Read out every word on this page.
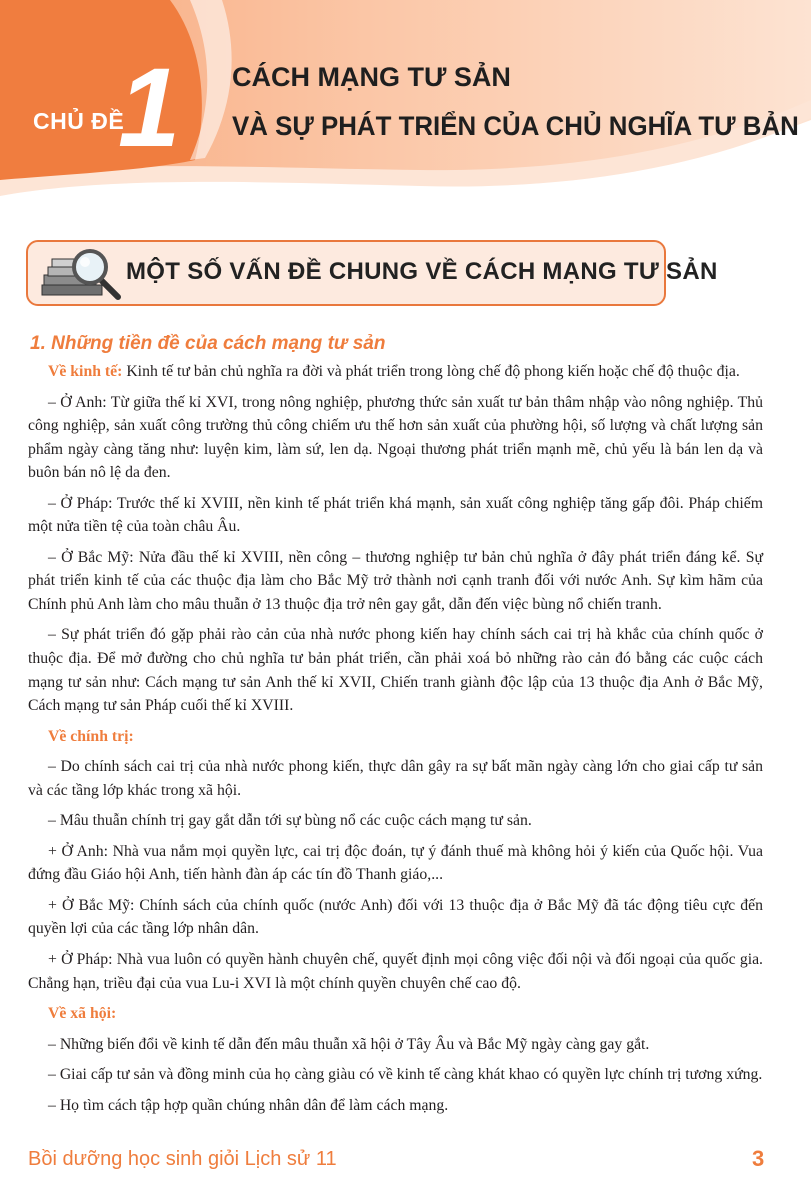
CHỦ ĐỀ
1 CÁCH MẠNG TƯ SẢN
VÀ SỰ PHÁT TRIỂN CỦA CHỦ NGHĨA TƯ BẢN
MỘT SỐ VẤN ĐỀ CHUNG VỀ CÁCH MẠNG TƯ SẢN
1. Những tiền đề của cách mạng tư sản

Về kinh tế: Kinh tế tư bản chủ nghĩa ra đời và phát triển trong lòng chế độ phong kiến hoặc chế độ thuộc địa.

– Ở Anh: Từ giữa thế kỉ XVI, trong nông nghiệp, phương thức sản xuất tư bản thâm nhập vào nông nghiệp. Thủ công nghiệp, sản xuất công trường thủ công chiếm ưu thế hơn sản xuất của phường hội, số lượng và chất lượng sản phẩm ngày càng tăng như: luyện kim, làm sứ, len dạ. Ngoại thương phát triển mạnh mẽ, chủ yếu là bán len dạ và buôn bán nô lệ da đen.

– Ở Pháp: Trước thế kỉ XVIII, nền kinh tế phát triển khá mạnh, sản xuất công nghiệp tăng gấp đôi. Pháp chiếm một nửa tiền tệ của toàn châu Âu.

– Ở Bắc Mỹ: Nửa đầu thế kỉ XVIII, nền công – thương nghiệp tư bản chủ nghĩa ở đây phát triển đáng kể. Sự phát triển kinh tế của các thuộc địa làm cho Bắc Mỹ trở thành nơi cạnh tranh đối với nước Anh. Sự kìm hãm của Chính phủ Anh làm cho mâu thuẫn ở 13 thuộc địa trở nên gay gắt, dẫn đến việc bùng nổ chiến tranh.

– Sự phát triển đó gặp phải rào cản của nhà nước phong kiến hay chính sách cai trị hà khắc của chính quốc ở thuộc địa. Để mở đường cho chủ nghĩa tư bản phát triển, cần phải xoá bỏ những rào cản đó bằng các cuộc cách mạng tư sản như: Cách mạng tư sản Anh thế kỉ XVII, Chiến tranh giành độc lập của 13 thuộc địa Anh ở Bắc Mỹ, Cách mạng tư sản Pháp cuối thế kỉ XVIII.

Về chính trị:

– Do chính sách cai trị của nhà nước phong kiến, thực dân gây ra sự bất mãn ngày càng lớn cho giai cấp tư sản và các tầng lớp khác trong xã hội.

– Mâu thuẫn chính trị gay gắt dẫn tới sự bùng nổ các cuộc cách mạng tư sản.

+ Ở Anh: Nhà vua nắm mọi quyền lực, cai trị độc đoán, tự ý đánh thuế mà không hỏi ý kiến của Quốc hội. Vua đứng đầu Giáo hội Anh, tiến hành đàn áp các tín đồ Thanh giáo,...

+ Ở Bắc Mỹ: Chính sách của chính quốc (nước Anh) đối với 13 thuộc địa ở Bắc Mỹ đã tác động tiêu cực đến quyền lợi của các tầng lớp nhân dân.

+ Ở Pháp: Nhà vua luôn có quyền hành chuyên chế, quyết định mọi công việc đối nội và đối ngoại của quốc gia. Chẳng hạn, triều đại của vua Lu-i XVI là một chính quyền chuyên chế cao độ.

Về xã hội:

– Những biến đổi về kinh tế dẫn đến mâu thuẫn xã hội ở Tây Âu và Bắc Mỹ ngày càng gay gắt.

– Giai cấp tư sản và đồng minh của họ càng giàu có về kinh tế càng khát khao có quyền lực chính trị tương xứng.

– Họ tìm cách tập hợp quần chúng nhân dân để làm cách mạng.

Bồi dưỡng học sinh giỏi Lịch sử 11	3
